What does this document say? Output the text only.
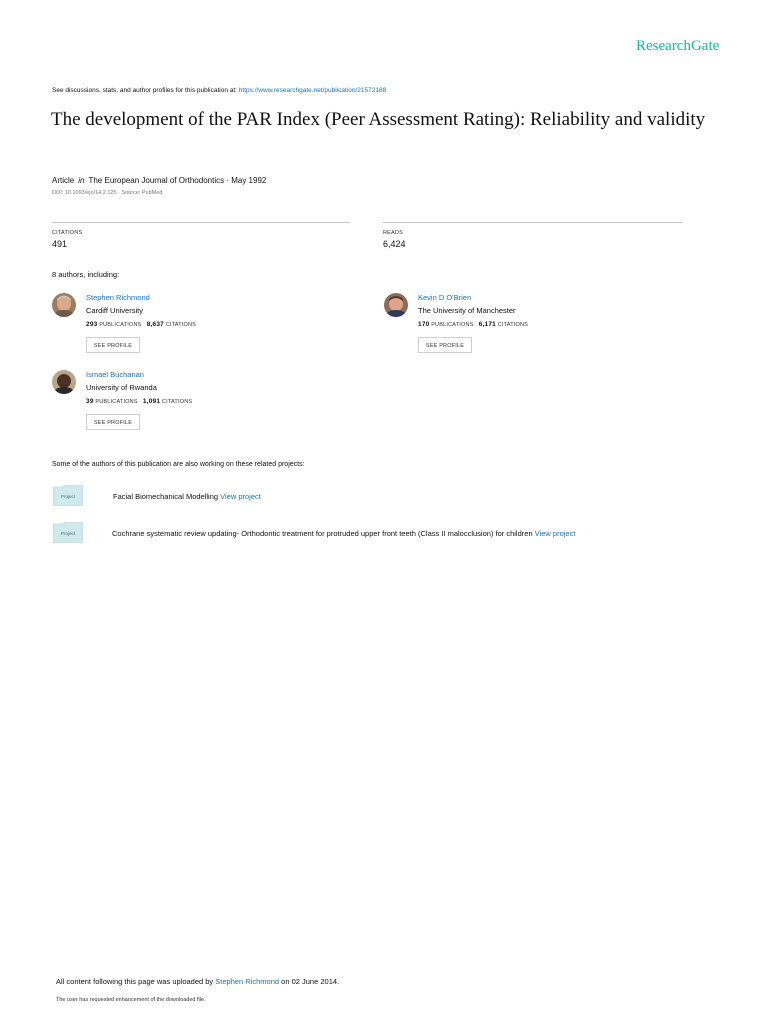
ResearchGate
See discussions, stats, and author profiles for this publication at: https://www.researchgate.net/publication/21572188
The development of the PAR Index (Peer Assessment Rating): Reliability and validity
Article in The European Journal of Orthodontics · May 1992
DOI: 10.1093/ejo/14.2.125 · Source: PubMed
CITATIONS
491
READS
6,424
8 authors, including:
Stephen Richmond
Cardiff University
293 PUBLICATIONS 8,637 CITATIONS
SEE PROFILE
Kevin D O'Brien
The University of Manchester
170 PUBLICATIONS 6,171 CITATIONS
SEE PROFILE
Ismael Buchanan
University of Rwanda
39 PUBLICATIONS 1,091 CITATIONS
SEE PROFILE
Some of the authors of this publication are also working on these related projects:
Project	Facial Biomechanical Modelling View project
Project	Cochrane systematic review updating- Orthodontic treatment for protruded upper front teeth (Class II malocclusion) for children View project
All content following this page was uploaded by Stephen Richmond on 02 June 2014.
The user has requested enhancement of the downloaded file.
